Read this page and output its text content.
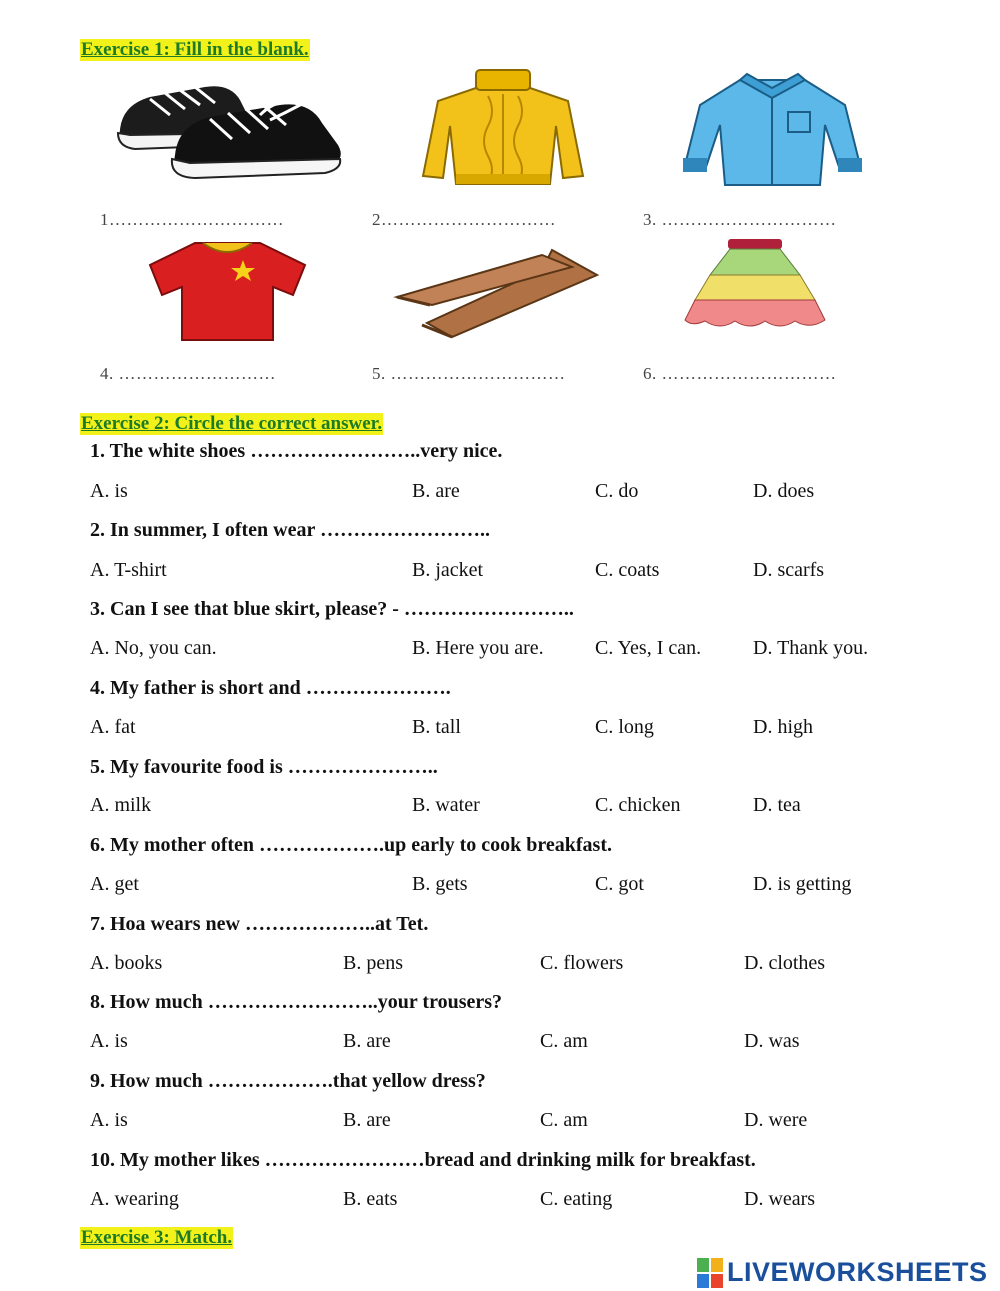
Exercise 1: Fill in the blank.
1…………………………	2…………………………	3. …………………………
4. ………………………	5. …………………………	6. …………………………
Exercise 2: Circle the correct answer.
1. The white shoes ……………………..very nice.
A. is	B. are	C. do	D. does
2. In summer, I often wear ……………………..
A. T-shirt	B. jacket	C. coats	D. scarfs
3. Can I see that blue skirt, please? - ……………………..
A. No, you can.	B. Here you are.	C. Yes, I can.	D. Thank you.
4. My father is short and ………………….
A. fat	B. tall	C. long	D. high
5. My favourite food is …………………..
A. milk	B. water	C. chicken	D. tea
6. My mother often ……………….up early to cook breakfast.
A. get	B. gets	C. got	D. is getting
7. Hoa wears new ………………..at Tet.
A. books	B. pens	C. flowers	D. clothes
8. How much ……………………..your trousers?
A. is	B. are	C. am	D. was
9. How much ……………….that yellow dress?
A. is	B. are	C. am	D. were
10. My mother likes ……………………bread and drinking milk for breakfast.
A. wearing	B. eats	C. eating	D. wears
Exercise 3: Match.
LIVEWORKSHEETS
